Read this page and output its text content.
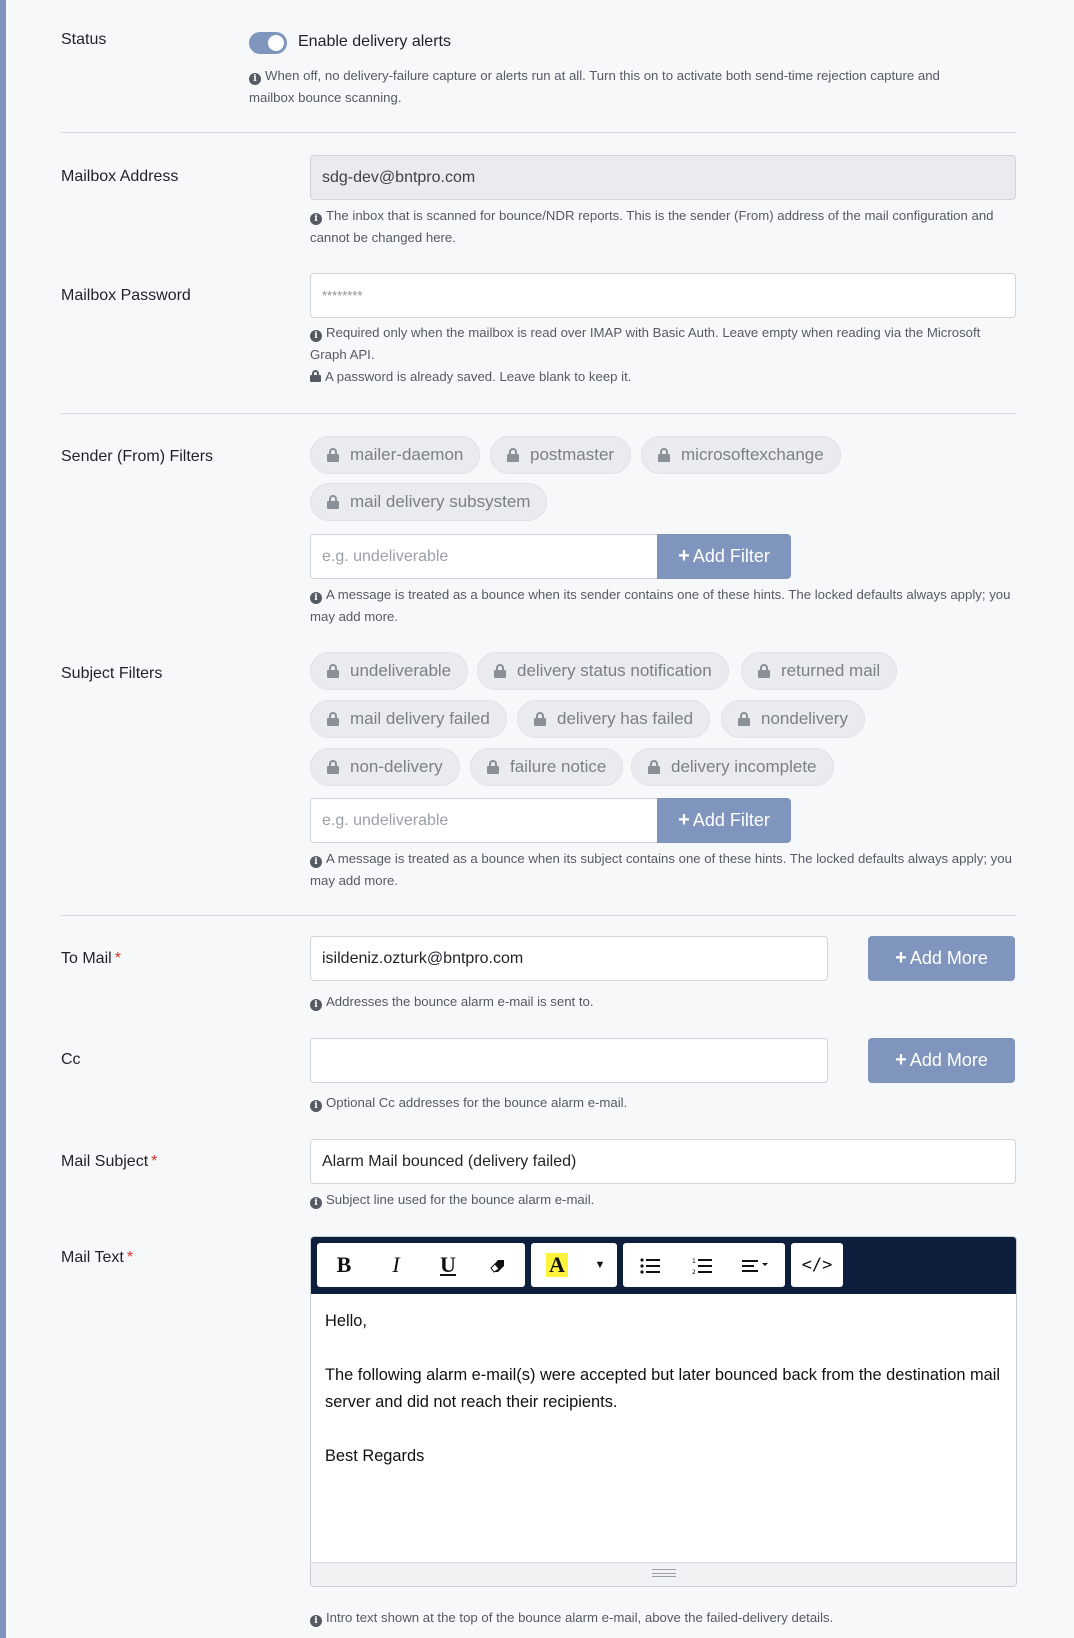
Status	Enable delivery alerts
i When off, no delivery-failure capture or alerts run at all. Turn this on to activate both send-time rejection capture and mailbox bounce scanning.
Mailbox Address
sdg-dev@bntpro.com
i The inbox that is scanned for bounce/NDR reports. This is the sender (From) address of the mail configuration and cannot be changed here.
Mailbox Password
i Required only when the mailbox is read over IMAP with Basic Auth. Leave empty when reading via the Microsoft Graph API.
A password is already saved. Leave blank to keep it.
Sender (From) Filters	mailer-daemon	postmaster	microsoftexchange
mail delivery subsystem
e.g. undeliverable
+ Add Filter
i A message is treated as a bounce when its sender contains one of these hints. The locked defaults always apply; you may add more.
Subject Filters	undeliverable	delivery status notification	returned mail
mail delivery failed	delivery has failed	nondelivery
non-delivery	failure notice	delivery incomplete
e.g. undeliverable
+ Add Filter
i A message is treated as a bounce when its subject contains one of these hints. The locked defaults always apply; you may add more.
To Mail *
isildeniz.ozturk@bntpro.com	+ Add More
i Addresses the bounce alarm e-mail is sent to.
Cc	+ Add More
i Optional Cc addresses for the bounce alarm e-mail.
Mail Subject *
Alarm Mail bounced (delivery failed)
i Subject line used for the bounce alarm e-mail.
Mail Text *	B	I	U	A	▼	1
2	</>

Hello,

The following alarm e-mail(s) were accepted but later bounced back from the destination mail server and did not reach their recipients.

Best Regards

i Intro text shown at the top of the bounce alarm e-mail, above the failed-delivery details.
